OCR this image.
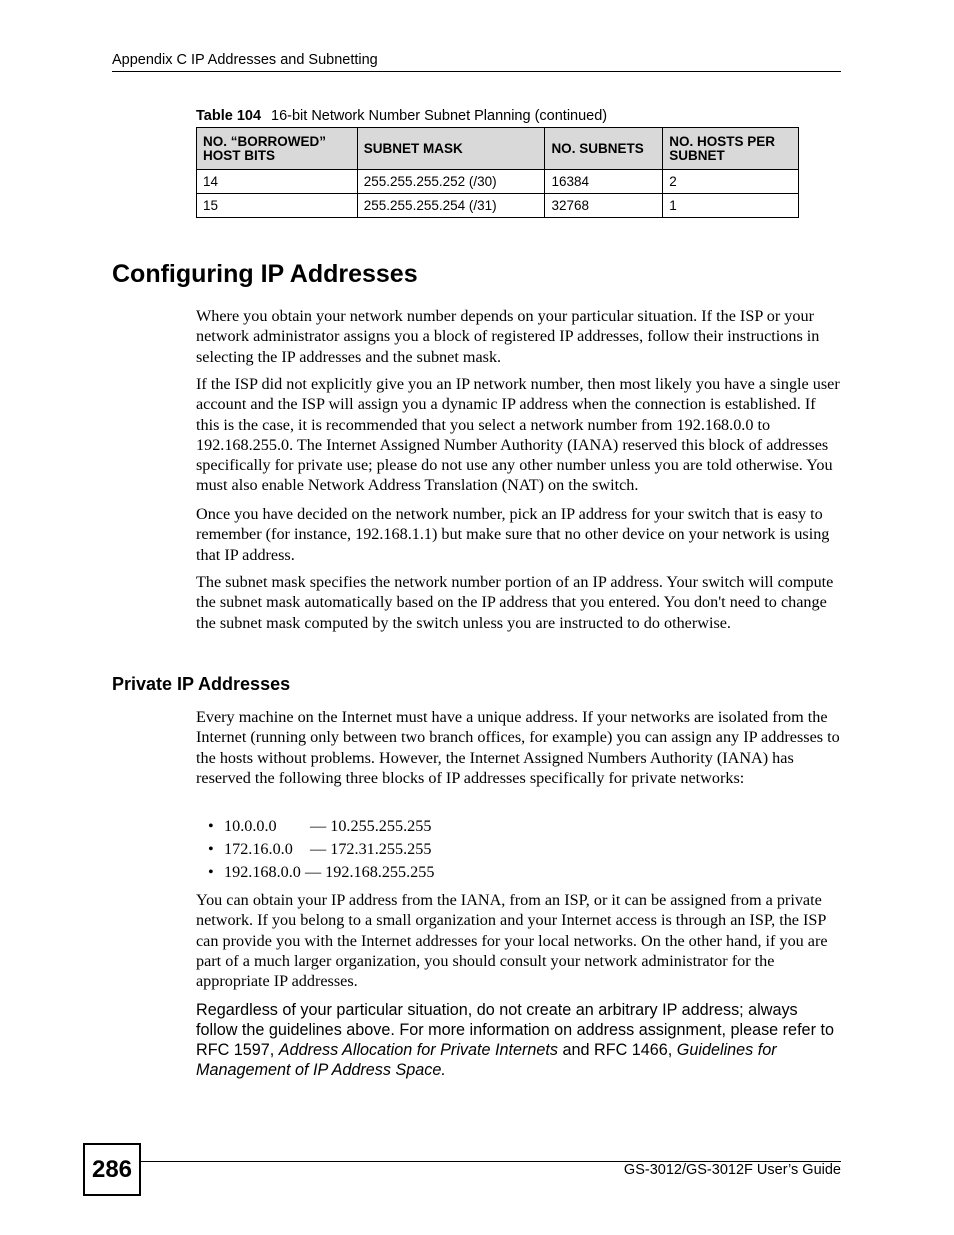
Appendix C IP Addresses and Subnetting
Table 104 16-bit Network Number Subnet Planning (continued)
NO. “BORROWED” HOST BITS	SUBNET MASK	NO. SUBNETS	NO. HOSTS PER SUBNET
14	255.255.255.252 (/30)	16384	2
15	255.255.255.254 (/31)	32768	1
Configuring IP Addresses

Where you obtain your network number depends on your particular situation. If the ISP or your network administrator assigns you a block of registered IP addresses, follow their instructions in selecting the IP addresses and the subnet mask.

If the ISP did not explicitly give you an IP network number, then most likely you have a single user account and the ISP will assign you a dynamic IP address when the connection is established. If this is the case, it is recommended that you select a network number from 192.168.0.0 to 192.168.255.0. The Internet Assigned Number Authority (IANA) reserved this block of addresses specifically for private use; please do not use any other number unless you are told otherwise. You must also enable Network Address Translation (NAT) on the switch.

Once you have decided on the network number, pick an IP address for your switch that is easy to remember (for instance, 192.168.1.1) but make sure that no other device on your network is using that IP address.

The subnet mask specifies the network number portion of an IP address. Your switch will compute the subnet mask automatically based on the IP address that you entered. You don't need to change the subnet mask computed by the switch unless you are instructed to do otherwise.

Private IP Addresses

Every machine on the Internet must have a unique address. If your networks are isolated from the Internet (running only between two branch offices, for example) you can assign any IP addresses to the hosts without problems. However, the Internet Assigned Numbers Authority (IANA) has reserved the following three blocks of IP addresses specifically for private networks:

• 10.0.0.0 — 10.255.255.255
• 172.16.0.0 — 172.31.255.255
• 192.168.0.0 — 192.168.255.255

You can obtain your IP address from the IANA, from an ISP, or it can be assigned from a private network. If you belong to a small organization and your Internet access is through an ISP, the ISP can provide you with the Internet addresses for your local networks. On the other hand, if you are part of a much larger organization, you should consult your network administrator for the appropriate IP addresses.

Regardless of your particular situation, do not create an arbitrary IP address; always follow the guidelines above. For more information on address assignment, please refer to RFC 1597, Address Allocation for Private Internets and RFC 1466, Guidelines for Management of IP Address Space.

286	GS-3012/GS-3012F User’s Guide
